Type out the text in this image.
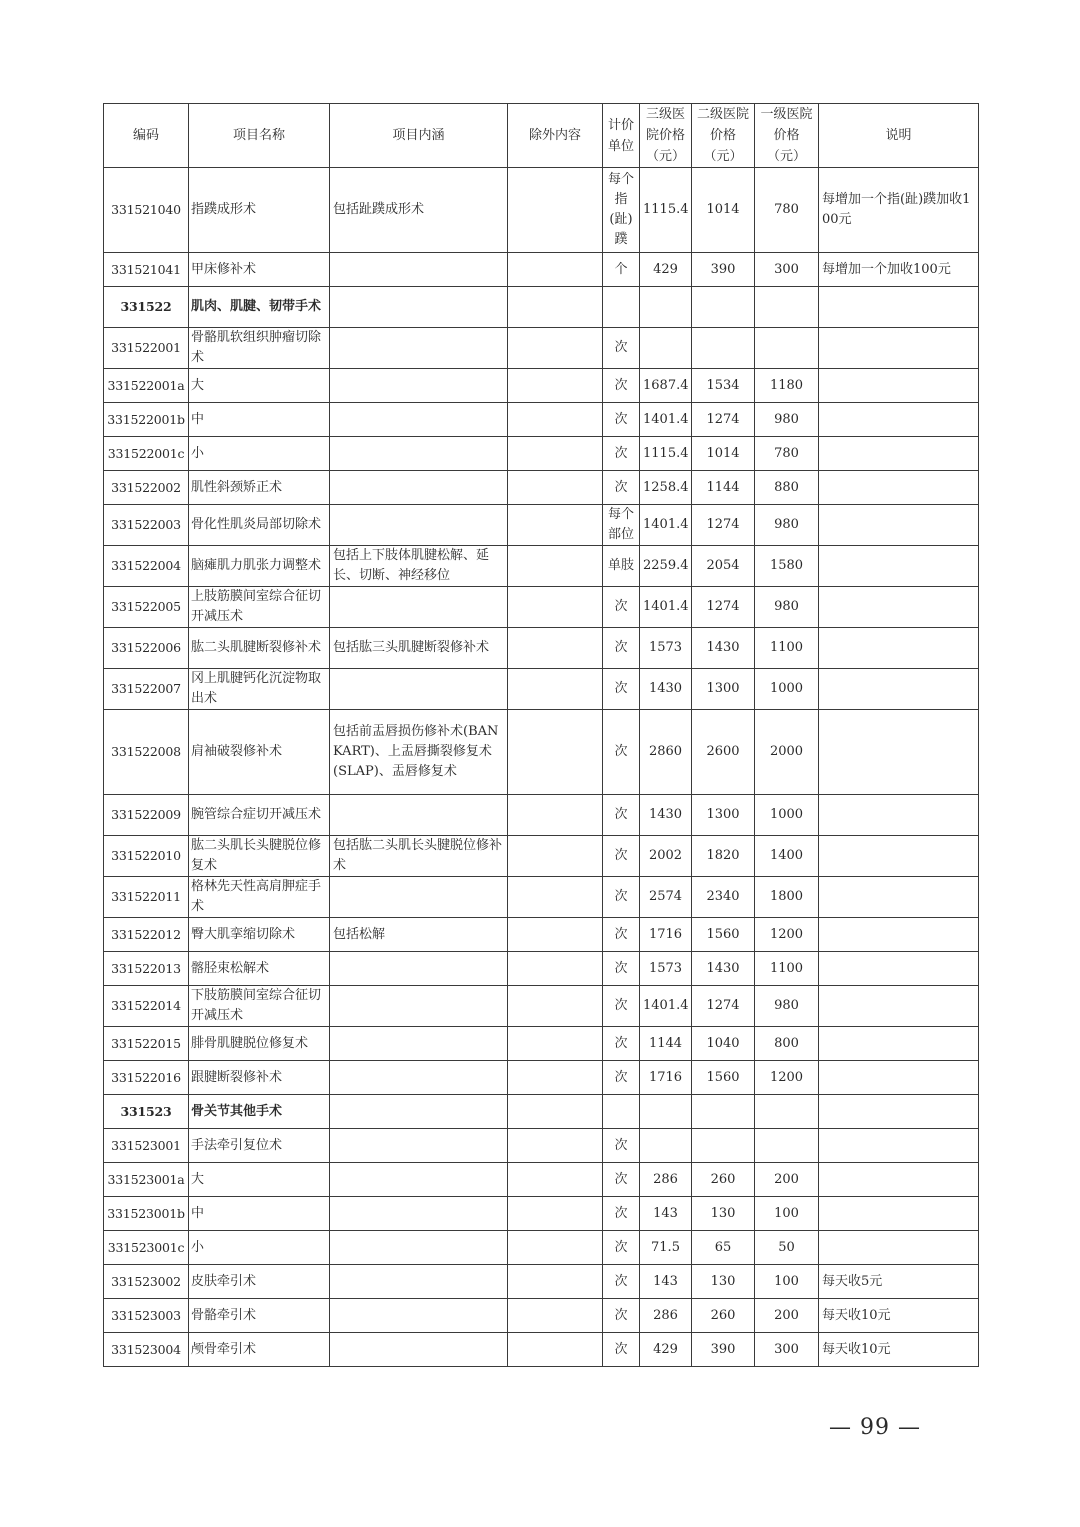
编码	项目名称	项目内涵	除外内容	计价单位	三级医院价格（元）	二级医院价格（元）	一级医院价格（元）	说明
331521040	指蹼成形术	包括趾蹼成形术		每个指(趾)蹼	1115.4	1014	780	每增加一个指(趾)蹼加收100元
331521041	甲床修补术			个	429	390	300	每增加一个加收100元
331522	肌肉、肌腱、韧带手术							
331522001	骨骼肌软组织肿瘤切除术			次				
331522001a	大			次	1687.4	1534	1180	
331522001b	中			次	1401.4	1274	980	
331522001c	小			次	1115.4	1014	780	
331522002	肌性斜颈矫正术			次	1258.4	1144	880	
331522003	骨化性肌炎局部切除术			每个部位	1401.4	1274	980	
331522004	脑瘫肌力肌张力调整术	包括上下肢体肌腱松解、延长、切断、神经移位		单肢	2259.4	2054	1580	
331522005	上肢筋膜间室综合征切开减压术			次	1401.4	1274	980	
331522006	肱二头肌腱断裂修补术	包括肱三头肌腱断裂修补术		次	1573	1430	1100	
331522007	冈上肌腱钙化沉淀物取出术			次	1430	1300	1000	
331522008	肩袖破裂修补术	包括前盂唇损伤修补术(BANKART)、上盂唇撕裂修复术(SLAP)、盂唇修复术		次	2860	2600	2000	
331522009	腕管综合症切开减压术			次	1430	1300	1000	
331522010	肱二头肌长头腱脱位修复术	包括肱二头肌长头腱脱位修补术		次	2002	1820	1400	
331522011	格林先天性高肩胛症手术			次	2574	2340	1800	
331522012	臀大肌挛缩切除术	包括松解		次	1716	1560	1200	
331522013	髂胫束松解术			次	1573	1430	1100	
331522014	下肢筋膜间室综合征切开减压术			次	1401.4	1274	980	
331522015	腓骨肌腱脱位修复术			次	1144	1040	800	
331522016	跟腱断裂修补术			次	1716	1560	1200	
331523	骨关节其他手术							
331523001	手法牵引复位术			次				
331523001a	大			次	286	260	200	
331523001b	中			次	143	130	100	
331523001c	小			次	71.5	65	50	
331523002	皮肤牵引术			次	143	130	100	每天收5元
331523003	骨骼牵引术			次	286	260	200	每天收10元
331523004	颅骨牵引术			次	429	390	300	每天收10元
— 99 —
